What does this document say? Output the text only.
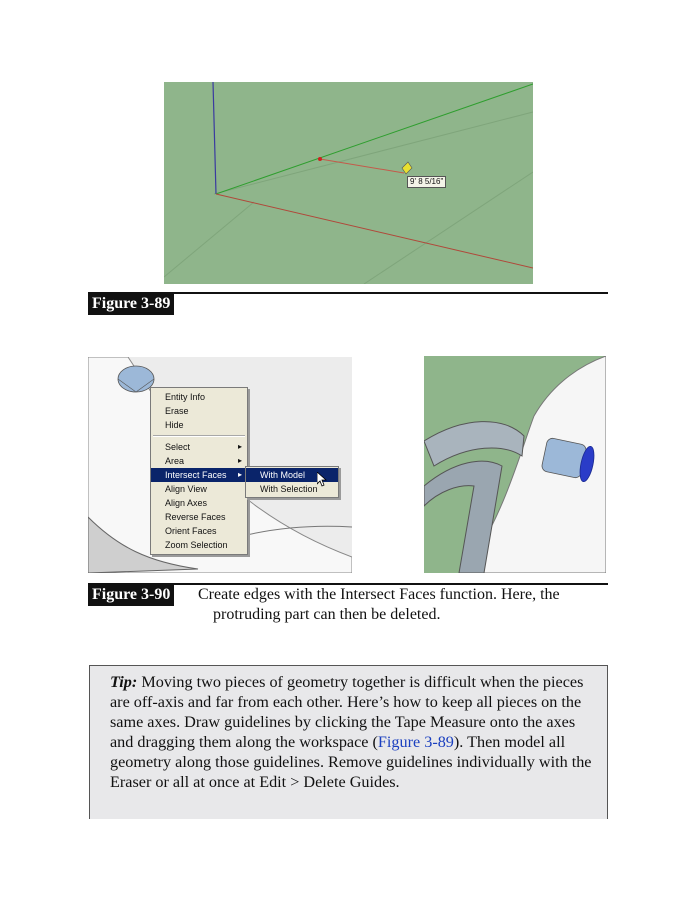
9' 8 5/16"
Figure 3-89
Entity Info
Erase
Hide
Select ▸
Area ▸
Intersect Faces ▸
Align View
Align Axes
Reverse Faces
Orient Faces
Zoom Selection
With Model
With Selection
Figure 3-90 Create edges with the Intersect Faces function. Here, the
protruding part can then be deleted.

Tip: Moving two pieces of geometry together is difficult when the pieces are off-axis and far from each other. Here’s how to keep all pieces on the same axes. Draw guidelines by clicking the Tape Measure onto the axes and dragging them along the workspace (Figure 3-89). Then model all geometry along those guidelines. Remove guidelines individually with the Eraser or all at once at Edit > Delete Guides.
